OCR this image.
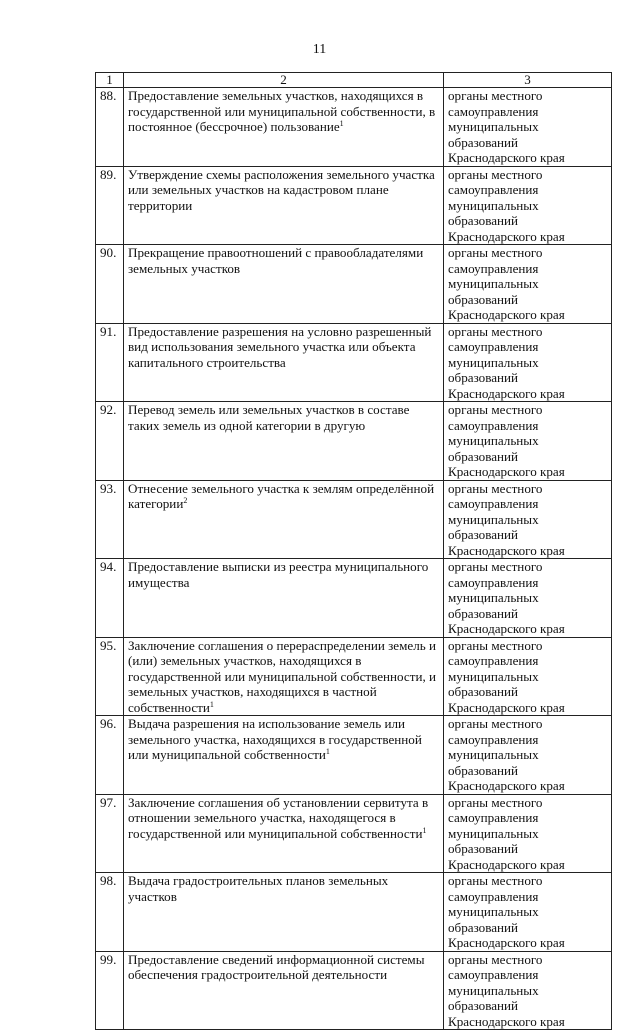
11
1	2	3
88.	Предоставление земельных участков, находящихся в государственной или муниципальной собственности, в постоянное (бессрочное) пользование$^1$	органы местного самоуправления муниципальных образований Краснодарского края
89.	Утверждение схемы расположения земельного участка или земельных участков на кадастровом плане территории	органы местного самоуправления муниципальных образований Краснодарского края
90.	Прекращение правоотношений с правообладателями земельных участков	органы местного самоуправления муниципальных образований Краснодарского края
91.	Предоставление разрешения на условно разрешенный вид использования земельного участка или объекта капитального строительства	органы местного самоуправления муниципальных образований Краснодарского края
92.	Перевод земель или земельных участков в составе таких земель из одной категории в другую	органы местного самоуправления муниципальных образований Краснодарского края
93.	Отнесение земельного участка к землям определённой категории$^2$	органы местного самоуправления муниципальных образований Краснодарского края
94.	Предоставление выписки из реестра муниципального имущества	органы местного самоуправления муниципальных образований Краснодарского края
95.	Заключение соглашения о перераспределении земель и (или) земельных участков, находящихся в государственной или муниципальной собственности, и земельных участков, находящихся в частной собственности$^1$	органы местного самоуправления муниципальных образований Краснодарского края
96.	Выдача разрешения на использование земель или земельного участка, находящихся в государственной или муниципальной собственности$^1$	органы местного самоуправления муниципальных образований Краснодарского края
97.	Заключение соглашения об установлении сервитута в отношении земельного участка, находящегося в государственной или муниципальной собственности$^1$	органы местного самоуправления муниципальных образований Краснодарского края
98.	Выдача градостроительных планов земельных участков	органы местного самоуправления муниципальных образований Краснодарского края
99.	Предоставление сведений информационной системы обеспечения градостроительной деятельности	органы местного самоуправления муниципальных образований Краснодарского края
